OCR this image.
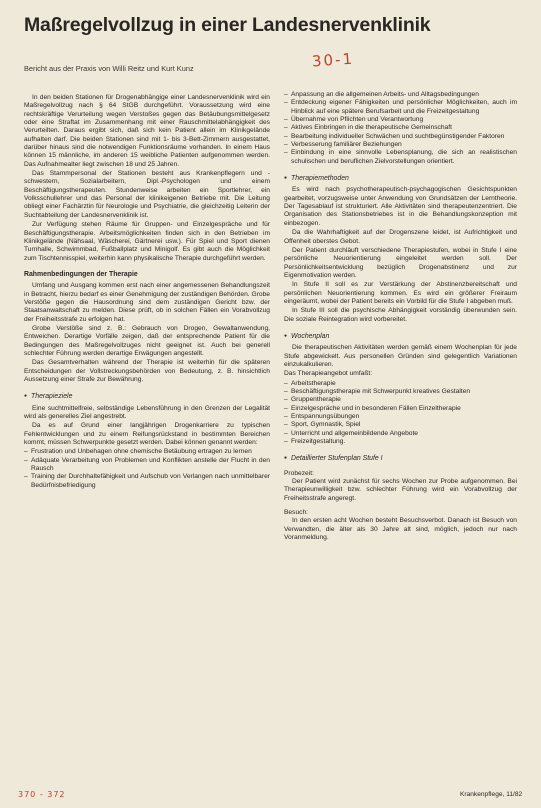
Maßregelvollzug in einer Landesnervenklinik
Bericht aus der Praxis von Willi Reitz und Kurt Kunz	30-1

In den beiden Stationen für Drogenabhängige einer Landesnervenklinik wird ein Maßregelvollzug nach § 64 StGB durchgeführt. Voraussetzung wird eine rechtskräftige Verurteilung wegen Verstoßes gegen das Betäubungsmittelgesetz oder eine Straftat im Zusammenhang mit einer Rauschmittelabhängigkeit des Verurteilten. Daraus ergibt sich, daß sich kein Patient allein im Klinikgelände aufhalten darf. Die beiden Stationen sind mit 1- bis 3-Bett-Zimmern ausgestattet, darüber hinaus sind die notwendigen Funktionsräume vorhanden. In einem Haus können 15 männliche, im anderen 15 weibliche Patienten aufgenommen werden. Das Aufnahmealter liegt zwischen 18 und 25 Jahren.

Das Stammpersonal der Stationen besteht aus Krankenpflegern und -schwestern, Sozialarbeitern, Dipl.-Psychologen und einem Beschäftigungstherapeuten. Stundenweise arbeiten ein Sportlehrer, ein Volksschullehrer und das Personal der klinikeigenen Betriebe mit. Die Leitung obliegt einer Fachärztin für Neurologie und Psychiatrie, die gleichzeitig Leiterin der Suchtabteilung der Landesnervenklinik ist.

Zur Verfügung stehen Räume für Gruppen- und Einzelgespräche und für Beschäftigungstherapie. Arbeitsmöglichkeiten finden sich in den Betrieben im Klinikgelände (Nähsaal, Wäscherei, Gärtnerei usw.). Für Spiel und Sport dienen Turnhalle, Schwimmbad, Fußballplatz und Minigolf. Es gibt auch die Möglichkeit zum Tischtennisspiel, weiterhin kann physikalische Therapie durchgeführt werden.

Rahmenbedingungen der Therapie

Umfang und Ausgang kommen erst nach einer angemessenen Behandlungszeit in Betracht, hierzu bedarf es einer Genehmigung der zuständigen Behörden. Grobe Verstöße gegen die Hausordnung sind dem zuständigen Gericht bzw. der Staatsanwaltschaft zu melden. Diese prüft, ob in solchen Fällen ein Vorabvollzug der Freiheitsstrafe zu erfolgen hat.

Grobe Verstöße sind z. B.: Gebrauch von Drogen, Gewaltanwendung, Entweichen. Derartige Vorfälle zeigen, daß der entsprechende Patient für die Bedingungen des Maßregelvollzuges nicht geeignet ist. Auch bei generell schlechter Führung werden derartige Erwägungen angestellt.

Das Gesamtverhalten während der Therapie ist weiterhin für die späteren Entscheidungen der Vollstreckungsbehörden von Bedeutung, z. B. hinsichtlich Aussetzung einer Strafe zur Bewährung.

● Therapieziele

Eine suchtmittelfreie, selbständige Lebensführung in den Grenzen der Legalität wird als generelles Ziel angestrebt.

Da es auf Grund einer langjährigen Drogenkarriere zu typischen Fehlentwicklungen und zu einem Reifungsrückstand in bestimmten Bereichen kommt, müssen Schwerpunkte gesetzt werden. Dabei können genannt werden:

– Frustration und Unbehagen ohne chemische Betäubung ertragen zu lernen
– Adäquate Verarbeitung von Problemen und Konflikten anstelle der Flucht in den Rausch
– Training der Durchhaltefähigkeit und Aufschub von Verlangen nach unmittelbarer Bedürfnisbefriedigung
– Anpassung an die allgemeinen Arbeits- und Alltagsbedingungen
– Entdeckung eigener Fähigkeiten und persönlicher Möglichkeiten, auch im Hinblick auf eine spätere Berufsarbeit und die Freizeitgestaltung
– Übernahme von Pflichten und Verantwortung
– Aktives Einbringen in die therapeutische Gemeinschaft
– Bearbeitung individueller Schwächen und suchtbegünstigender Faktoren
– Verbesserung familiärer Beziehungen
– Einbindung in eine sinnvolle Lebensplanung, die sich an realistischen schulischen und beruflichen Zielvorstellungen orientiert.
● Therapiemethoden

Es wird nach psychotherapeutisch-psychagogischen Gesichtspunkten gearbeitet, vorzugsweise unter Anwendung von Grundsätzen der Lerntheorie. Der Tagesablauf ist strukturiert. Alle Aktivitäten sind therapeutenzentriert. Die Organisation des Stationsbetriebes ist in die Behandlungskonzeption mit einbezogen.

Da die Wahrhaftigkeit auf der Drogenszene leidet, ist Aufrichtigkeit und Offenheit oberstes Gebot.

Der Patient durchläuft verschiedene Therapiestufen, wobei in Stufe I eine persönliche Neuorientierung eingeleitet werden soll. Der Persönlichkeitsentwicklung bezüglich Drogenabstinenz und zur Eigenmotivation werden.

In Stufe II soll es zur Verstärkung der Abstinenzbereitschaft und persönlichen Neuorientierung kommen. Es wird ein größerer Freiraum eingeräumt, wobei der Patient bereits ein Vorbild für die Stufe I abgeben muß.

In Stufe III soll die psychische Abhängigkeit vorständig überwunden sein. Die soziale Reintegration wird vorbereitet.

● Wochenplan

Die therapeutischen Aktivitäten werden gemäß einem Wochenplan für jede Stufe abgewickelt. Aus personellen Gründen sind gelegentlich Variationen einzukalkulieren.

Das Therapieangebot umfaßt:

– Arbeitstherapie
– Beschäftigungstherapie mit Schwerpunkt kreatives Gestalten
– Gruppentherapie
– Einzelgespräche und in besonderen Fällen Einzeltherapie
– Entspannungsübungen
– Sport, Gymnastik, Spiel
– Unterricht und allgemeinbildende Angebote
– Freizeitgestaltung.
● Detaillierter Stufenplan Stufe I

Probezeit:

Der Patient wird zunächst für sechs Wochen zur Probe aufgenommen. Bei Therapieunwilligkeit bzw. schlechter Führung wird ein Vorabvollzug der Freiheitsstrafe angeregt.

Besuch:

In den ersten acht Wochen besteht Besuchsverbot. Danach ist Besuch von Verwandten, die älter als 30 Jahre alt sind, möglich, jedoch nur nach Voranmeldung.

370 - 372	Krankenpflege, 11/82
